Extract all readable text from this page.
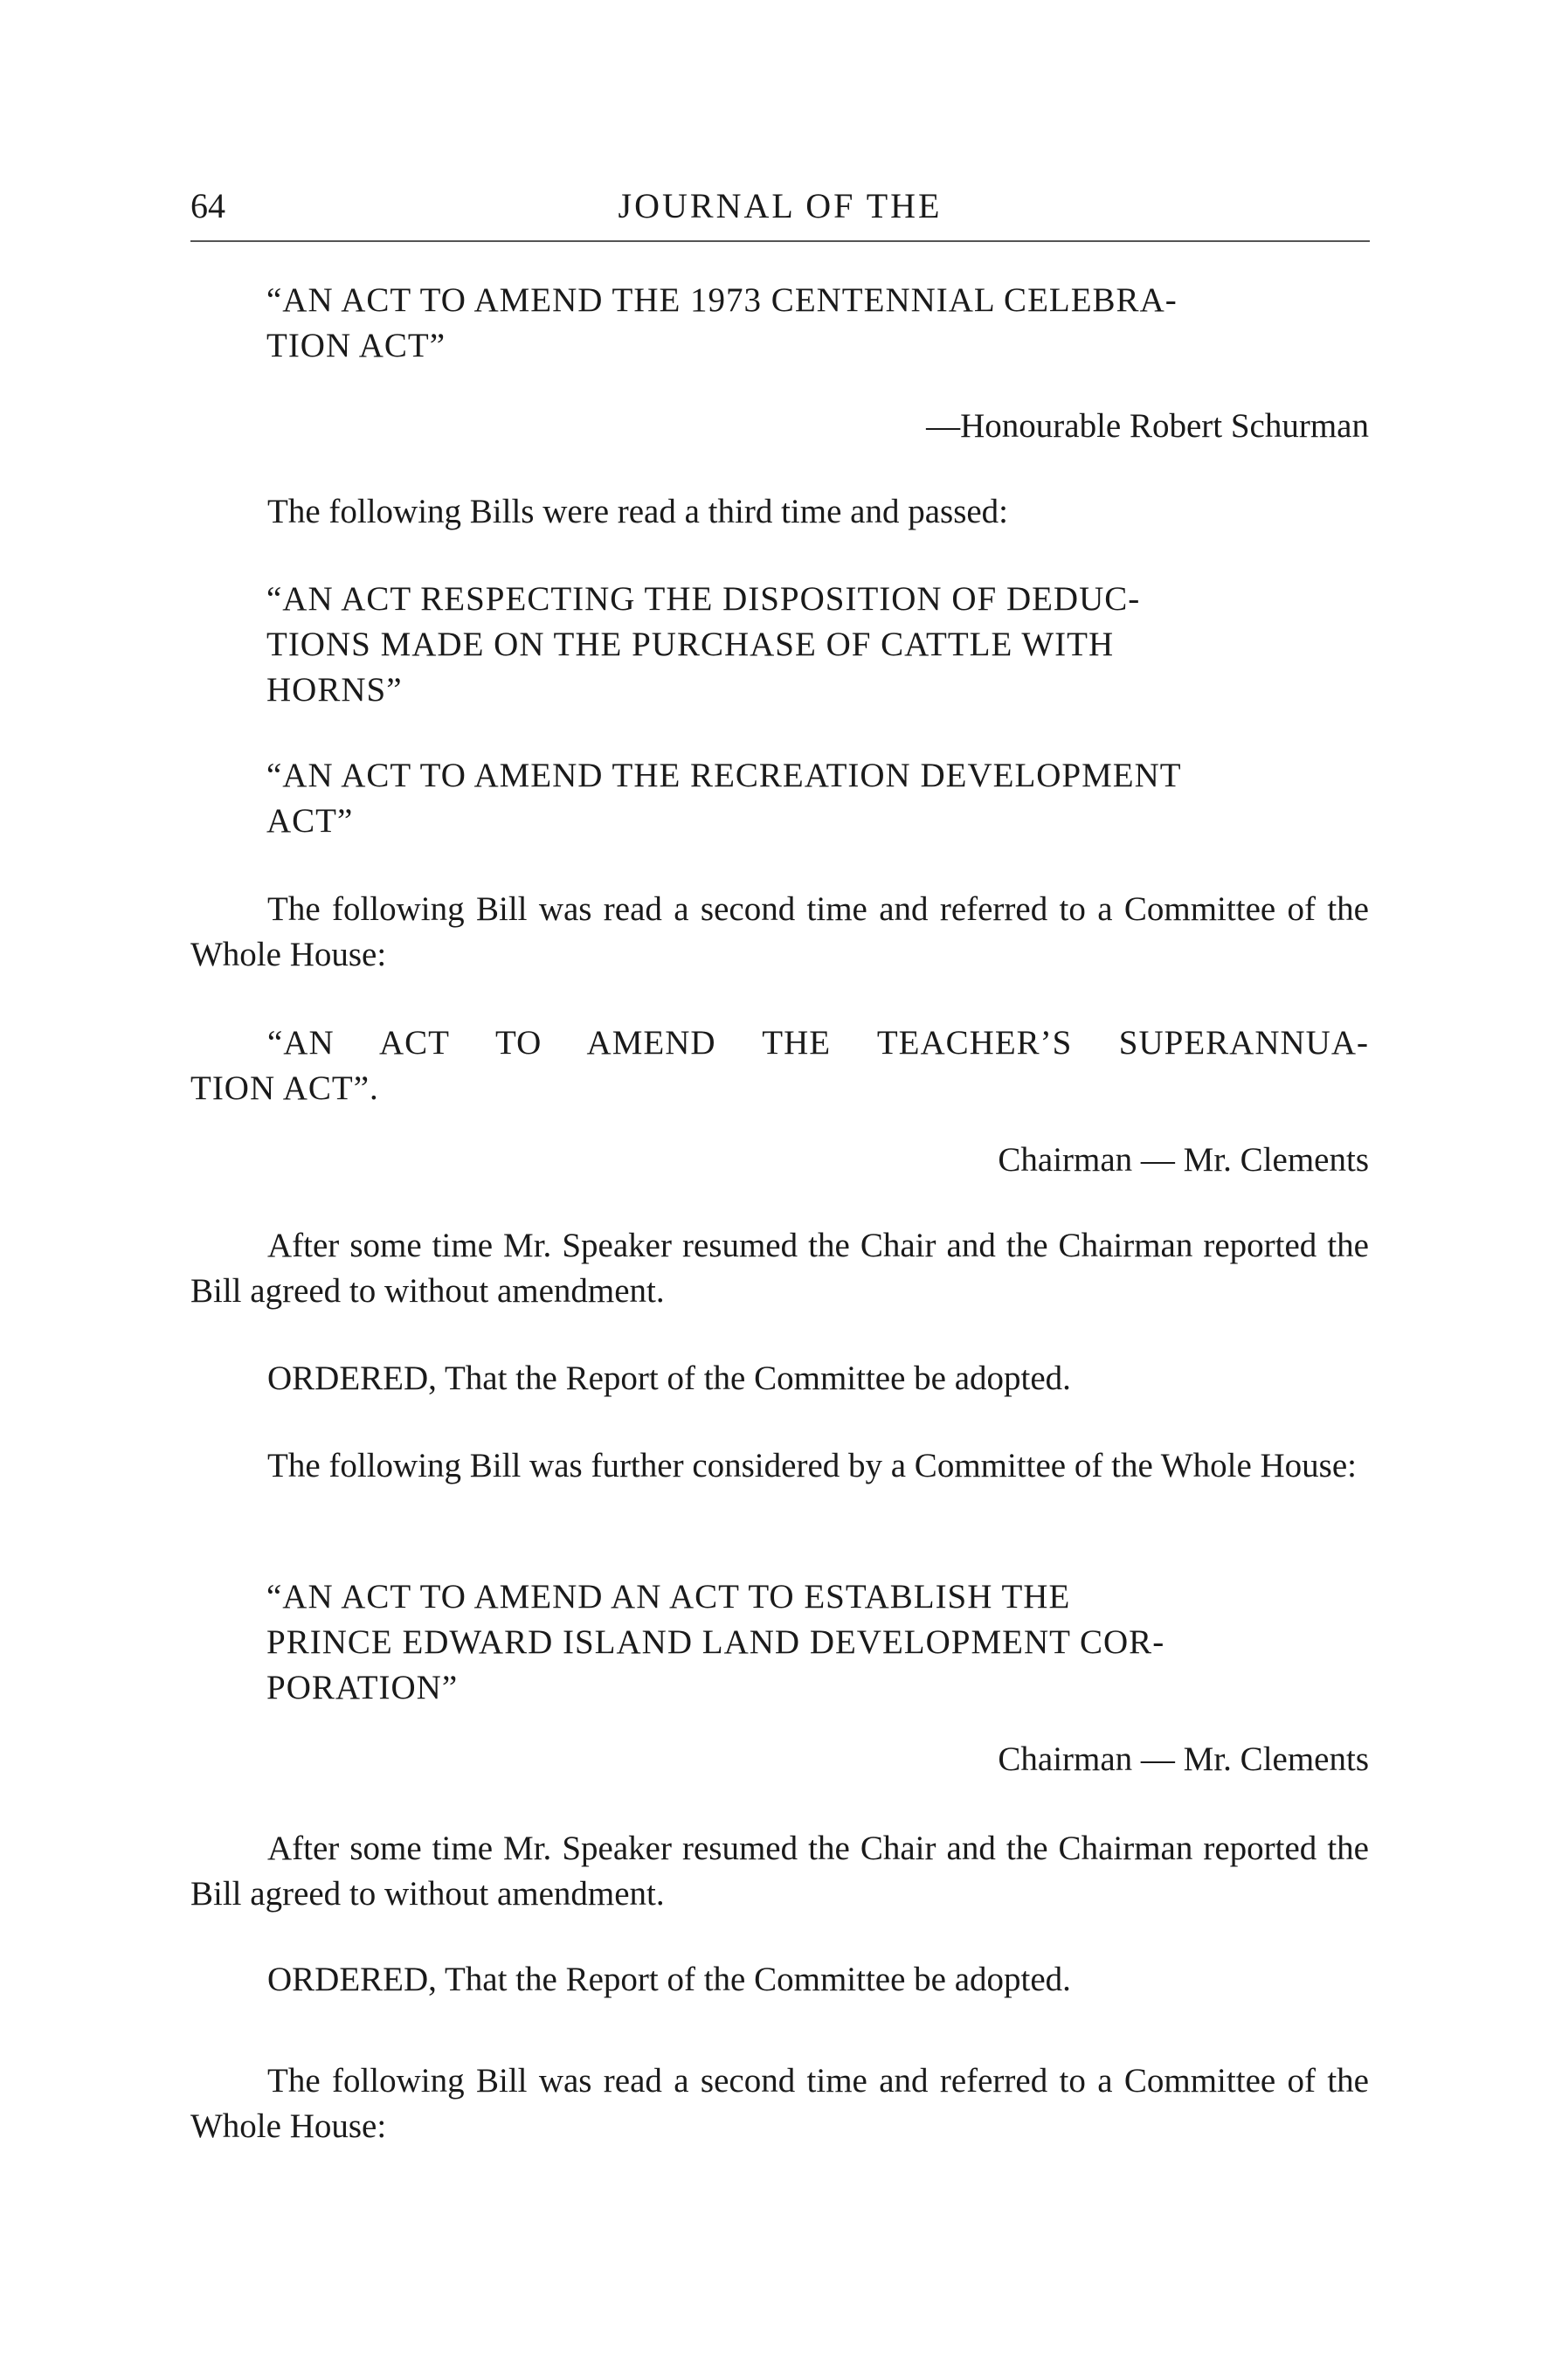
64	JOURNAL OF THE
“AN ACT TO AMEND THE 1973 CENTENNIAL CELEBRA-
TION ACT”
—Honourable Robert Schurman
The following Bills were read a third time and passed:
“AN ACT RESPECTING THE DISPOSITION OF DEDUC-
TIONS MADE ON THE PURCHASE OF CATTLE WITH
HORNS”
“AN ACT TO AMEND THE RECREATION DEVELOPMENT
ACT”
The following Bill was read a second time and referred to a Committee of the Whole House:
“AN ACT TO AMEND THE TEACHER’S SUPERANNUA-
TION ACT”.
Chairman — Mr. Clements
After some time Mr. Speaker resumed the Chair and the Chairman reported the Bill agreed to without amendment.
ORDERED, That the Report of the Committee be adopted.
The following Bill was further considered by a Committee of the Whole House:
“AN ACT TO AMEND AN ACT TO ESTABLISH THE
PRINCE EDWARD ISLAND LAND DEVELOPMENT COR-
PORATION”
Chairman — Mr. Clements
After some time Mr. Speaker resumed the Chair and the Chairman reported the Bill agreed to without amendment.
ORDERED, That the Report of the Committee be adopted.
The following Bill was read a second time and referred to a Committee of the Whole House:
